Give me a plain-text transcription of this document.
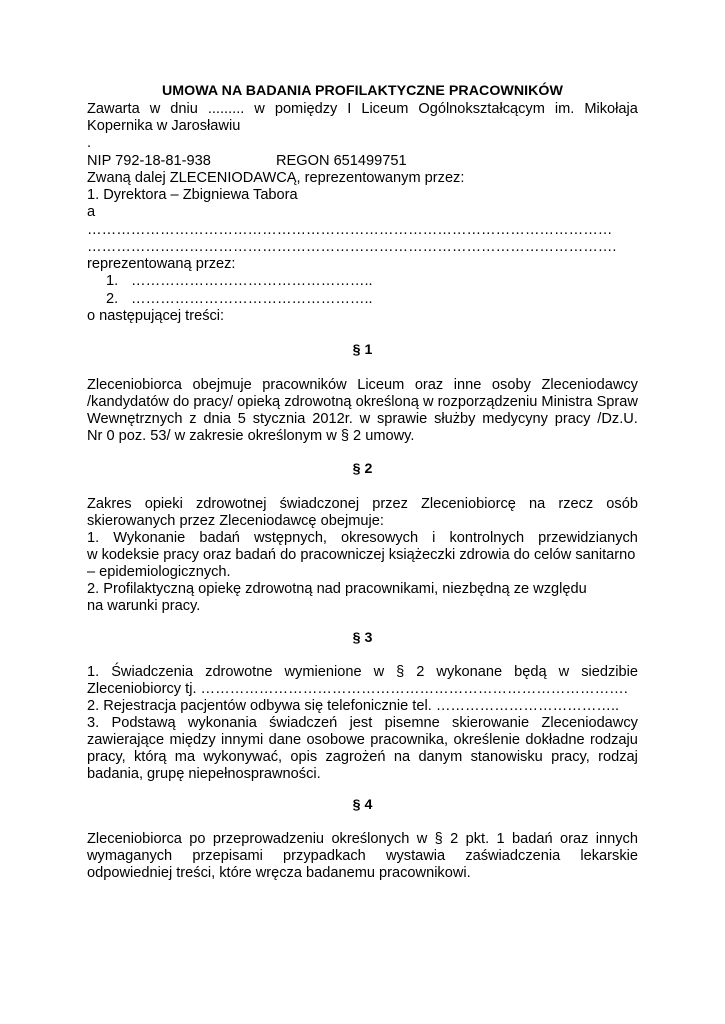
UMOWA NA BADANIA PROFILAKTYCZNE PRACOWNIKÓW
Zawarta w dniu ......... w pomiędzy I Liceum Ogólnokształcącym im. Mikołaja
Kopernika w Jarosławiu
.
NIP 792-18-81-938	REGON 651499751
Zwaną dalej ZLECENIODAWCĄ, reprezentowanym przez:
1. Dyrektora – Zbigniewa Tabora
a
………………………………………………………………………………………………
……………………………………………………………………………………………….
reprezentowaną przez:
1. …………………………………………..
2. …………………………………………..
o następującej treści:
§ 1
Zleceniobiorca obejmuje pracowników Liceum oraz inne osoby Zleceniodawcy
/kandydatów do pracy/ opieką zdrowotną określoną w rozporządzeniu Ministra Spraw
Wewnętrznych z dnia 5 stycznia 2012r. w sprawie służby medycyny pracy /Dz.U.
Nr 0 poz. 53/ w zakresie określonym w § 2 umowy.
§ 2
Zakres opieki zdrowotnej świadczonej przez Zleceniobiorcę na rzecz osób
skierowanych przez Zleceniodawcę obejmuje:
1. Wykonanie badań wstępnych, okresowych i kontrolnych przewidzianych
w kodeksie pracy oraz badań do pracowniczej książeczki zdrowia do celów sanitarno
– epidemiologicznych.
2. Profilaktyczną opiekę zdrowotną nad pracownikami, niezbędną ze względu
na warunki pracy.
§ 3
1. Świadczenia zdrowotne wymienione w § 2 wykonane będą w siedzibie
Zleceniobiorcy tj. …………………………………………………………………………….
2. Rejestracja pacjentów odbywa się telefonicznie tel. ………………………………..
3. Podstawą wykonania świadczeń jest pisemne skierowanie Zleceniodawcy
zawierające między innymi dane osobowe pracownika, określenie dokładne rodzaju
pracy, którą ma wykonywać, opis zagrożeń na danym stanowisku pracy, rodzaj
badania, grupę niepełnosprawności.
§ 4
Zleceniobiorca po przeprowadzeniu określonych w § 2 pkt. 1 badań oraz innych
wymaganych przepisami przypadkach wystawia zaświadczenia lekarskie
odpowiedniej treści, które wręcza badanemu pracownikowi.
